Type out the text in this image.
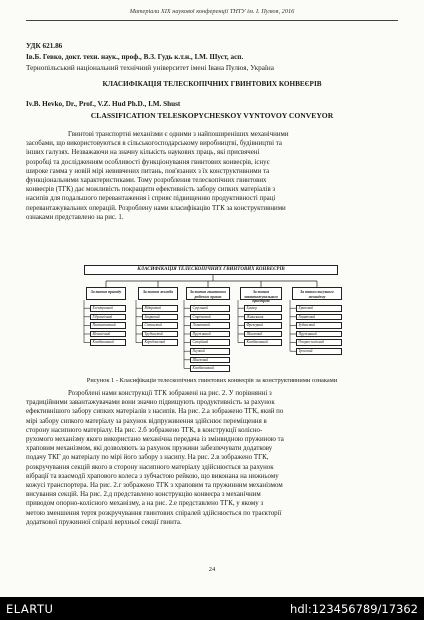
Матеріали XIX наукової конференції ТНТУ ім. І. Пулюя, 2016
УДК 621.86
Ів.Б. Гевко, докт. техн. наук., проф., В.З. Гудь к.т.н., І.М. Шуст, асп.
Тернопільський національний технічний університет імені Івана Пулюя, Україна
КЛАСИФІКАЦІЯ ТЕЛЕСКОПІЧНИХ ГВИНТОВИХ КОНВЕЄРІВ
Iv.B. Hevko, Dr., Prof., V.Z. Hud Ph.D., I.M. Shust
CLASSIFICATION TELESKOPYCHESKOY VYNTOVOY CONVEYOR
Гвинтові транспортні механізми є одними з найпоширеніших механічними
засобами, що використовуються в сільськогосподарському виробництві, будівництві та
інших галузях. Незважаючи на значну кількість наукових праць, які присвячені
розробці та дослідженням особливості функціонування гвинтових конвеєрів, існує
широке гамма у новій мірі невивчених питань, пов'язаних з їх конструктивними та
функціональними характеристиками. Тому розроблення телескопічних гвинтових
конвеєрів (ТГК) дає можливість покращити ефективність забору сипких матеріалів з
насипів для подальшого перевантаження і сприяє підвищенню продуктивності праці
перевантажувальних операцій. Розроблену нами класифікацію ТГК за конструктивними
ознаками представлено на рис. 1.
КЛАСИФІКАЦІЯ ТЕЛЕСКОПІЧНИХ ГВИНТОВИХ КОНВЕЄРІВ
За типом приводу
Електричний
Гідравлічний
Пневматичний
Механічний
Комбінований
За типом жолоба
Відкритий
Закритий
Сітчастий
Трубчастий
Коробчастий
За типом гвинтового робочого органа
Суцільний
Стрічковий
Лопатевий
Пружинний
Секційний
Гнучкий
Шнековий
Комбінований
За типом завантажувального пристрою
Бункер
Живильник
Фрезерний
Шнековий
Комбінований
За типом висувного механізму
Храповий
Гвинтовий
Зубчастий
Пружинний
Опорно-колісний
Тросовий
Рисунок 1 - Класифікація телескопічних гвинтових конвеєрів за конструктивними ознаками
Розроблені нами конструкції ТГК зображені на рис. 2. У порівнянні з
традиційними завантажувачами вони значно підвищують продуктивність за рахунок
ефективнішого забору сипких матеріалів з насипів. На рис. 2.а зображено ТГК, який по
мірі забору сипкого матеріалу за рахунок відпружинення здійснює переміщення в
сторону насипного матеріалу. На рис. 2.б зображено ТГК, в конструкції колісно-
рухомого механізму якого використано механічна передача із змінвидною пружиною та
храповим механізмом, які дозволяють за рахунок пружини забезпечувати додаткову
подачу ТКГ до матеріалу по мірі його забору з насипу. На рис. 2.в зображено ТГК,
розкручування секцій якого в сторону насипного матеріалу здійснюється за рахунок
вібрації та взаємодії храпового колеса з зубчастою рейкою, що виконана на нижньому
кожусі транспортера. На рис. 2.г зображено ТГК з храповим та пружинним механізмом
висування секцій. На рис. 2.д представлено конструкцію конвеєра з механічним
приводом опорно-колісного механізму, а на рис. 2.е представлено ТГК, у якому з
метою зменшення тертя розкручування гвинтових спіралей здійснюється по траєкторії
додаткової пружинної спіралі верхньої секції гвинта.
24
ELARTU	hdl:123456789/17362
